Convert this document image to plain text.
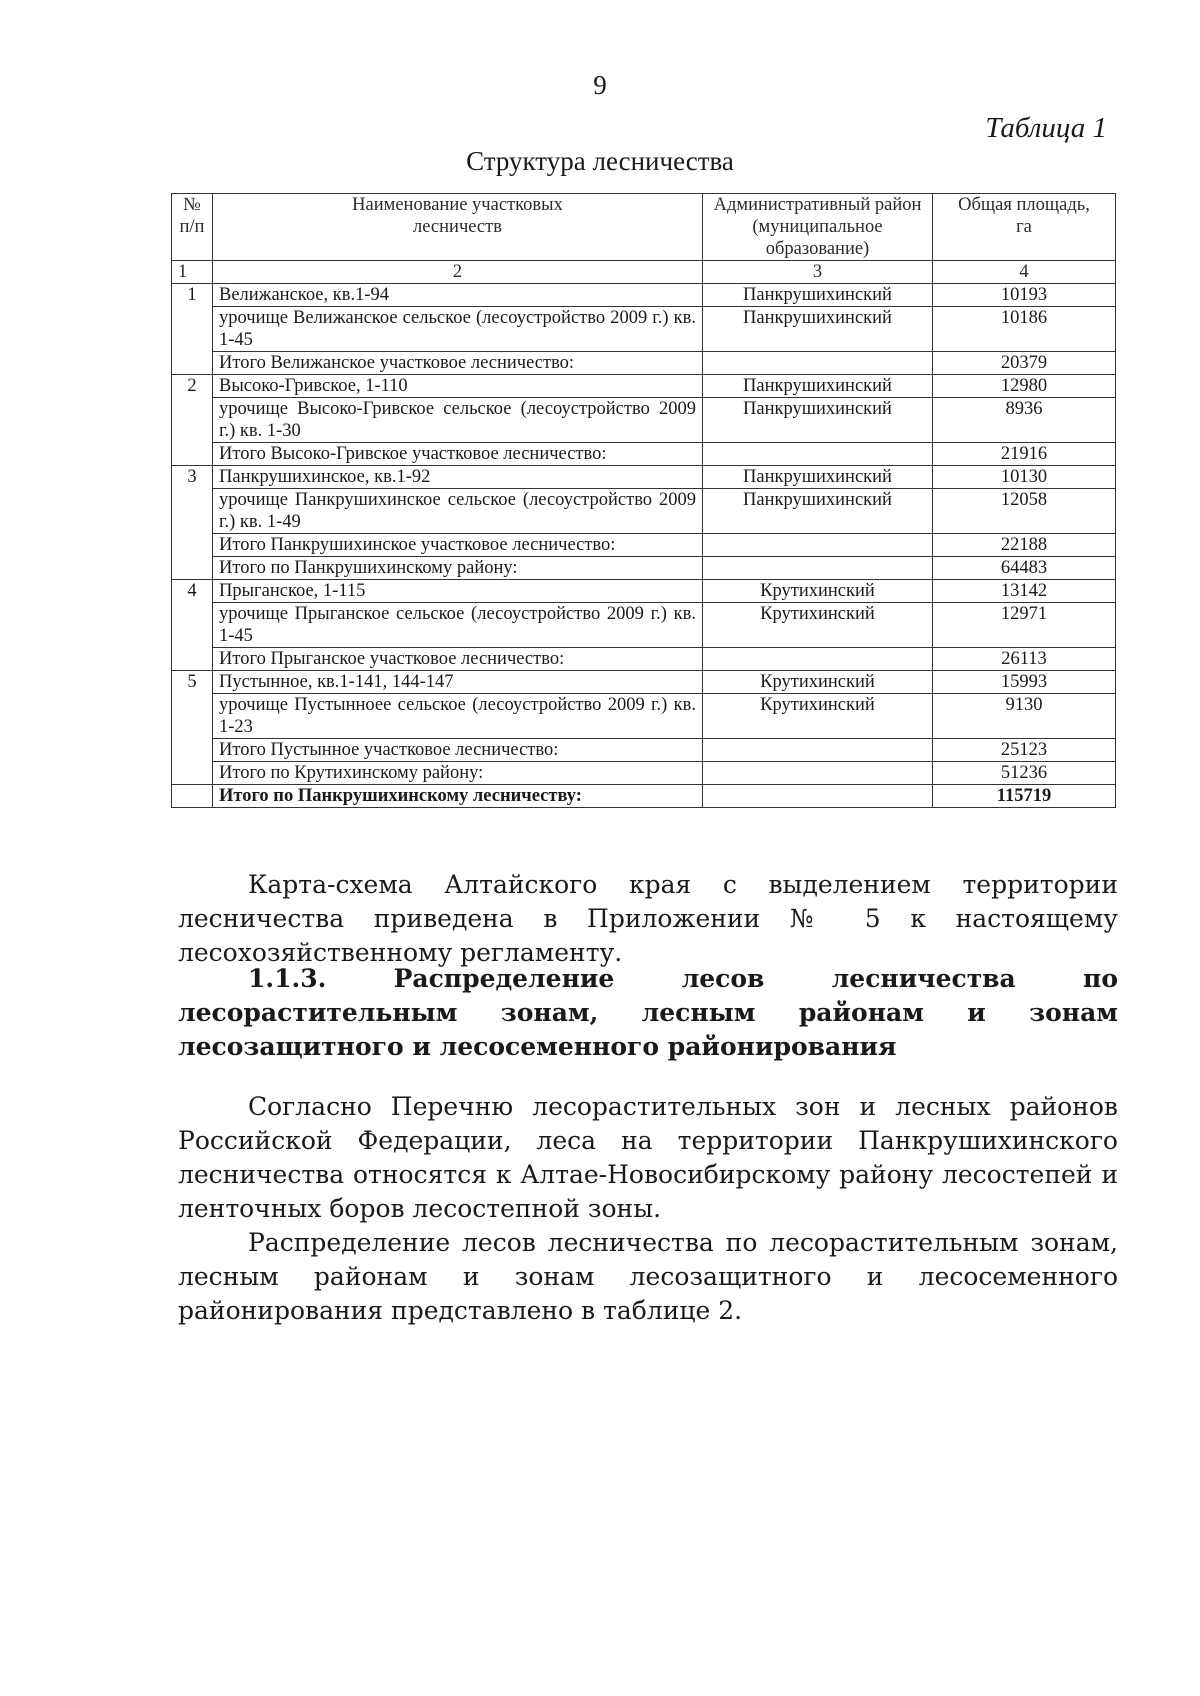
9
Таблица 1
Структура лесничества
№ п/п	Наименование участковых лесничеств	Административный район (муниципальное образование)	Общая площадь, га
1	2	3	4
1	Велижанское, кв.1-94	Панкрушихинский	10193
	урочище Велижанское сельское (лесоустройство 2009 г.) кв. 1-45	Панкрушихинский	10186
	Итого Велижанское участковое лесничество:		20379
2	Высоко-Гривское, 1-110	Панкрушихинский	12980
	урочище Высоко-Гривское сельское (лесоустройство 2009 г.) кв. 1-30	Панкрушихинский	8936
	Итого Высоко-Гривское участковое лесничество:		21916
3	Панкрушихинское, кв.1-92	Панкрушихинский	10130
	урочище Панкрушихинское сельское (лесоустройство 2009 г.) кв. 1-49	Панкрушихинский	12058
	Итого Панкрушихинское участковое лесничество:		22188
	Итого по Панкрушихинскому району:		64483
4	Прыганское, 1-115	Крутихинский	13142
	урочище Прыганское сельское (лесоустройство 2009 г.) кв. 1-45	Крутихинский	12971
	Итого Прыганское участковое лесничество:		26113
5	Пустынное, кв.1-141, 144-147	Крутихинский	15993
	урочище Пустынноее сельское (лесоустройство 2009 г.) кв. 1-23	Крутихинский	9130
	Итого Пустынное участковое лесничество:		25123
	Итого по Крутихинскому району:		51236
	Итого по Панкрушихинскому лесничеству:		115719
Карта-схема Алтайского края с выделением территории лесничества приведена в Приложении № 5 к настоящему лесохозяйственному регламенту.
1.1.3. Распределение лесов лесничества по лесорастительным зонам, лесным районам и зонам лесозащитного и лесосеменного районирования
Согласно Перечню лесорастительных зон и лесных районов Российской Федерации, леса на территории Панкрушихинского лесничества относятся к Алтае-Новосибирскому району лесостепей и ленточных боров лесостепной зоны.
Распределение лесов лесничества по лесорастительным зонам, лесным районам и зонам лесозащитного и лесосеменного районирования представлено в таблице 2.
